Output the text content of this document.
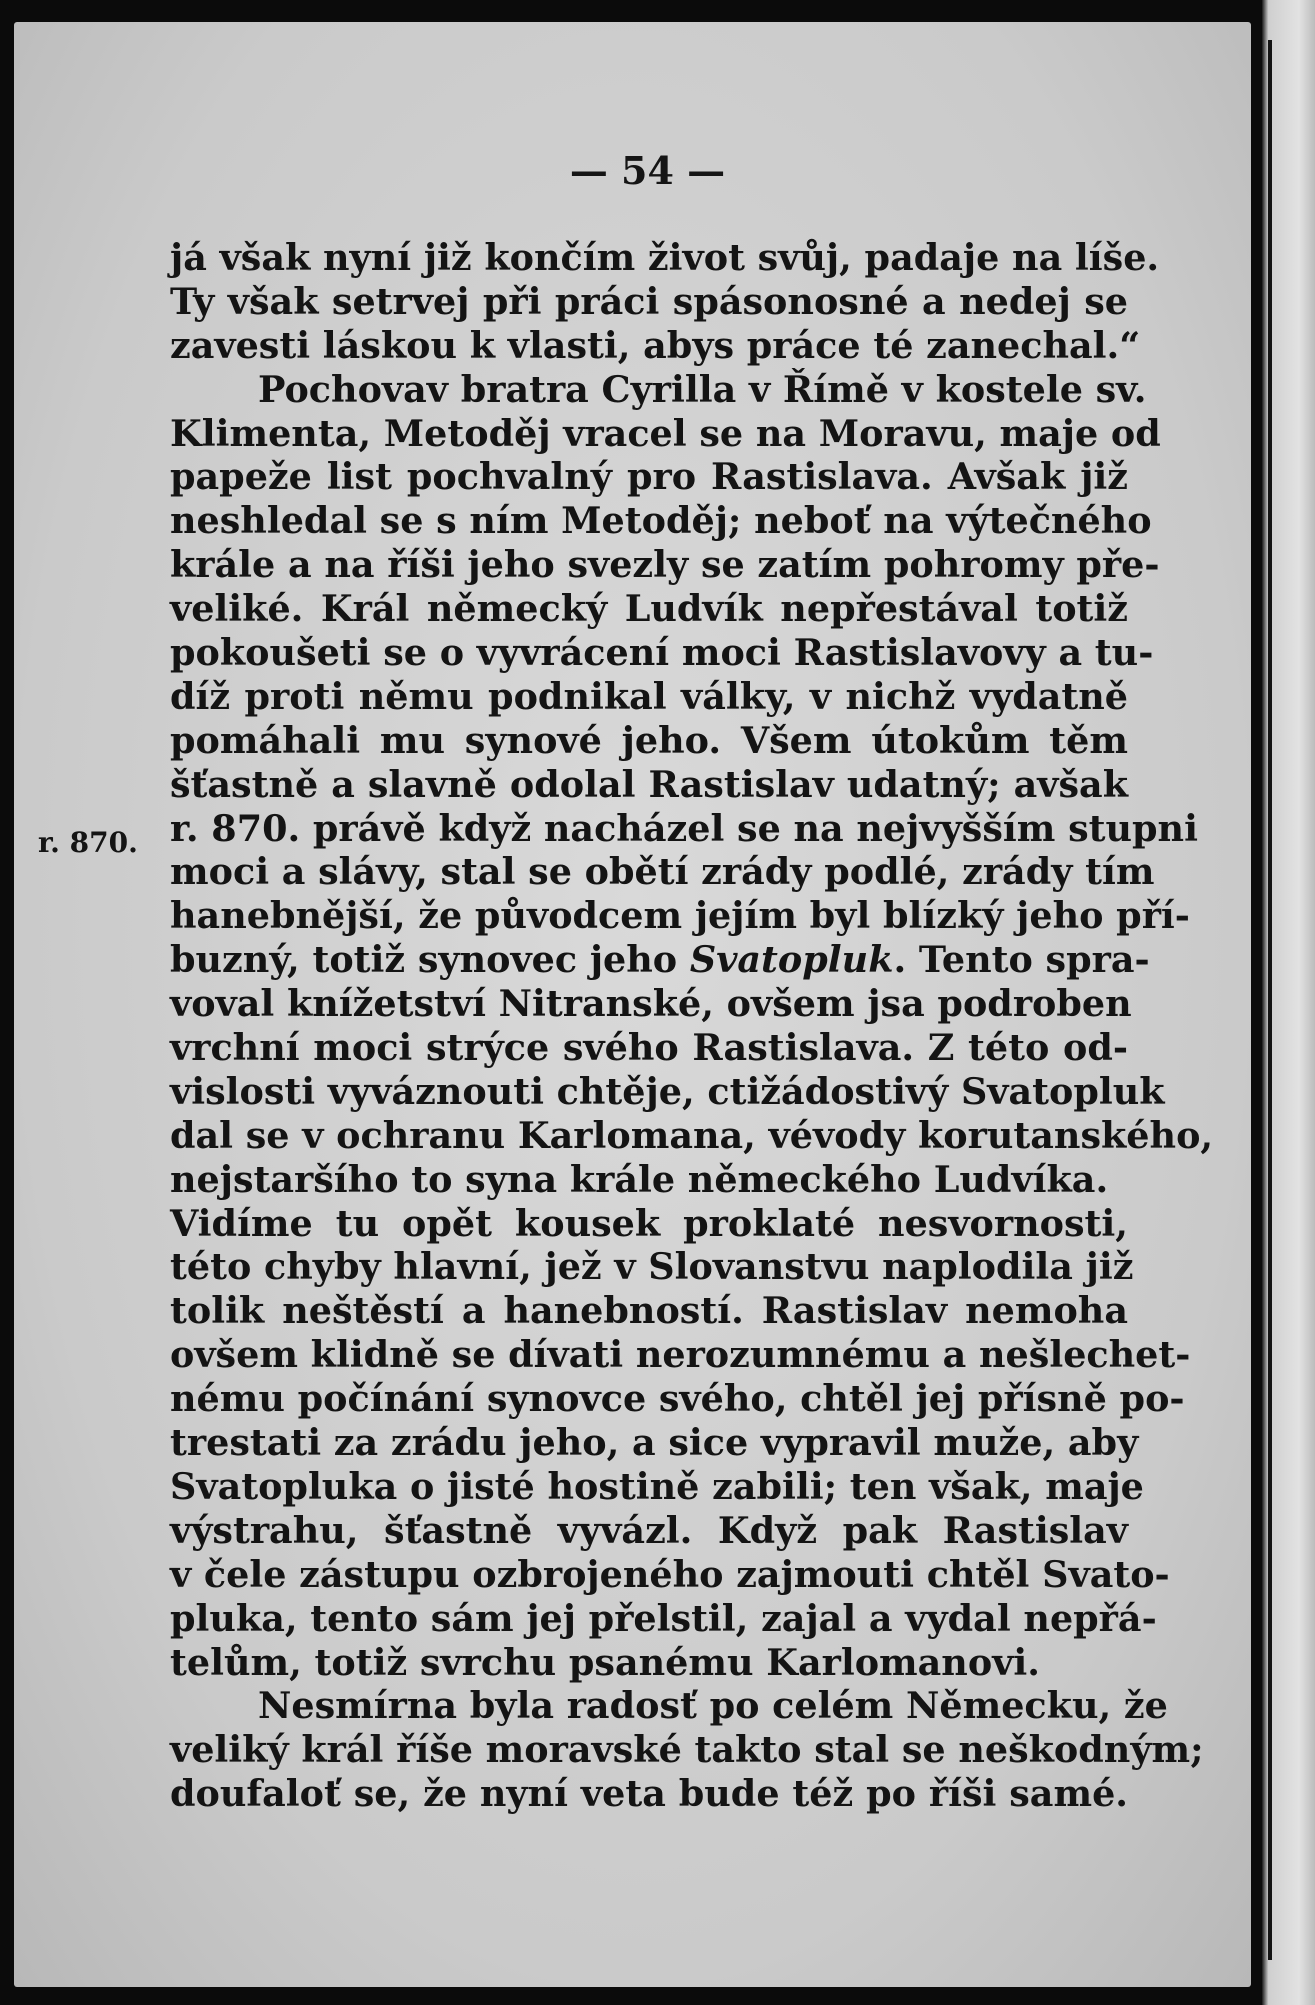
— 54 —
r. 870.
já však nyní již končím život svůj, padaje na líše.
Ty však setrvej při práci spásonosné a nedej se
zavesti láskou k vlasti, abys práce té zanechal.“
Pochovav bratra Cyrilla v Římě v kostele sv.
Klimenta, Metoděj vracel se na Moravu, maje od
papeže list pochvalný pro Rastislava. Avšak již
neshledal se s ním Metoděj; neboť na výtečného
krále a na říši jeho svezly se zatím pohromy pře-
veliké. Král německý Ludvík nepřestával totiž
pokoušeti se o vyvrácení moci Rastislavovy a tu-
díž proti němu podnikal války, v nichž vydatně
pomáhali mu synové jeho. Všem útokům těm
šťastně a slavně odolal Rastislav udatný; avšak
r. 870. právě když nacházel se na nejvyšším stupni
moci a slávy, stal se obětí zrády podlé, zrády tím
hanebnější, že původcem jejím byl blízký jeho pří-
buzný, totiž synovec jeho Svatopluk. Tento spra-
voval knížetství Nitranské, ovšem jsa podroben
vrchní moci strýce svého Rastislava. Z této od-
vislosti vyváznouti chtěje, ctižádostivý Svatopluk
dal se v ochranu Karlomana, vévody korutanského,
nejstaršího to syna krále německého Ludvíka.
Vidíme tu opět kousek proklaté nesvornosti,
této chyby hlavní, jež v Slovanstvu naplodila již
tolik neštěstí a hanebností. Rastislav nemoha
ovšem klidně se dívati nerozumnému a nešlechet-
nému počínání synovce svého, chtěl jej přísně po-
trestati za zrádu jeho, a sice vypravil muže, aby
Svatopluka o jisté hostině zabili; ten však, maje
výstrahu, šťastně vyvázl. Když pak Rastislav
v čele zástupu ozbrojeného zajmouti chtěl Svato-
pluka, tento sám jej přelstil, zajal a vydal nepřá-
telům, totiž svrchu psanému Karlomanovi.
Nesmírna byla radosť po celém Německu, že
veliký král říše moravské takto stal se neškodným;
doufaloť se, že nyní veta bude též po říši samé.
